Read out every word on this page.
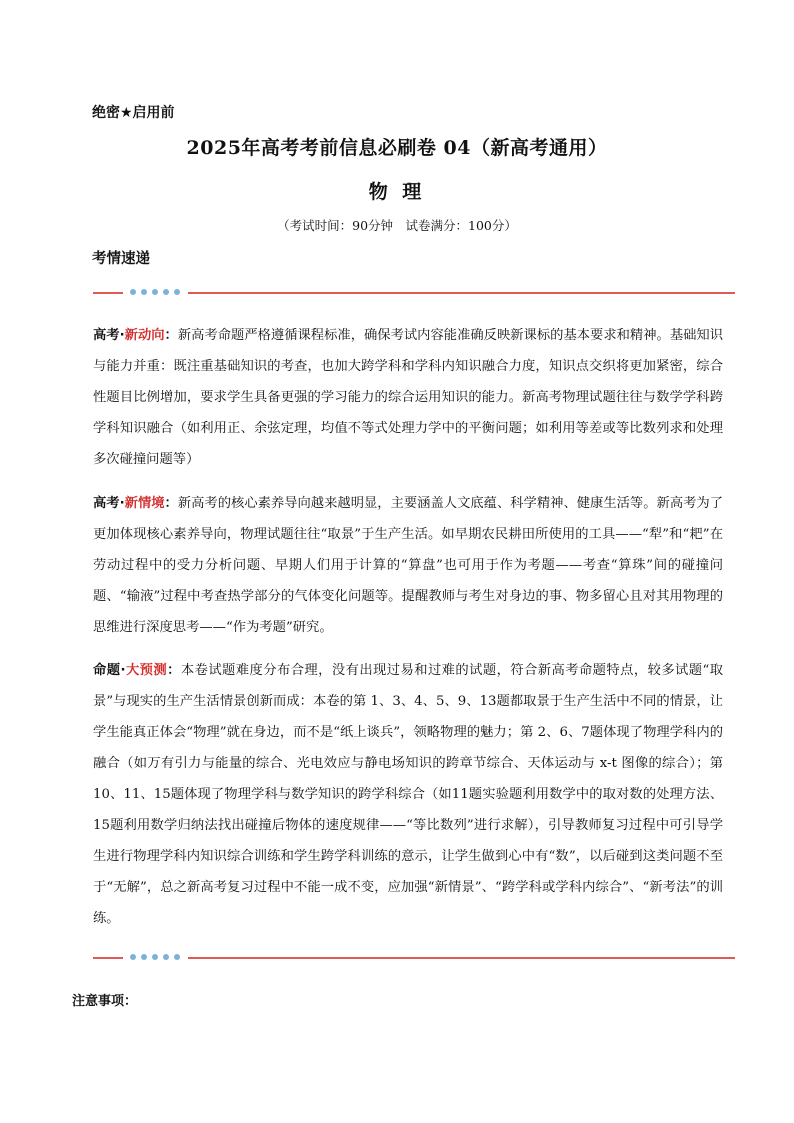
绝密★启用前

2025年高考考前信息必刷卷 04（新高考通用）
物 理

（考试时间：90分钟　试卷满分：100分）

考情速递

高考·新动向：新高考命题严格遵循课程标准，确保考试内容能准确反映新课标的基本要求和精神。基础知识与能力并重：既注重基础知识的考查，也加大跨学科和学科内知识融合力度，知识点交织将更加紧密，综合性题目比例增加，要求学生具备更强的学习能力的综合运用知识的能力。新高考物理试题往往与数学学科跨学科知识融合（如利用正、余弦定理，均值不等式处理力学中的平衡问题；如利用等差或等比数列求和处理多次碰撞问题等）

高考·新情境：新高考的核心素养导向越来越明显，主要涵盖人文底蕴、科学精神、健康生活等。新高考为了更加体现核心素养导向，物理试题往往“取景”于生产生活。如早期农民耕田所使用的工具——“犁”和“耙”在劳动过程中的受力分析问题、早期人们用于计算的“算盘”也可用于作为考题——考查“算珠”间的碰撞问题、“输液”过程中考查热学部分的气体变化问题等。提醒教师与考生对身边的事、物多留心且对其用物理的思维进行深度思考——“作为考题”研究。

命题·大预测：本卷试题难度分布合理，没有出现过易和过难的试题，符合新高考命题特点，较多试题“取景”与现实的生产生活情景创新而成：本卷的第 1、3、4、5、9、13题都取景于生产生活中不同的情景，让学生能真正体会“物理”就在身边，而不是“纸上谈兵”，领略物理的魅力；第 2、6、7题体现了物理学科内的融合（如万有引力与能量的综合、光电效应与静电场知识的跨章节综合、天体运动与 x-t 图像的综合）；第 10、11、15题体现了物理学科与数学知识的跨学科综合（如11题实验题利用数学中的取对数的处理方法、15题利用数学归纳法找出碰撞后物体的速度规律——“等比数列”进行求解），引导教师复习过程中可引导学生进行物理学科内知识综合训练和学生跨学科训练的意示，让学生做到心中有“数”，以后碰到这类问题不至于“无解”，总之新高考复习过程中不能一成不变，应加强“新情景”、“跨学科或学科内综合”、“新考法”的训练。

注意事项：
